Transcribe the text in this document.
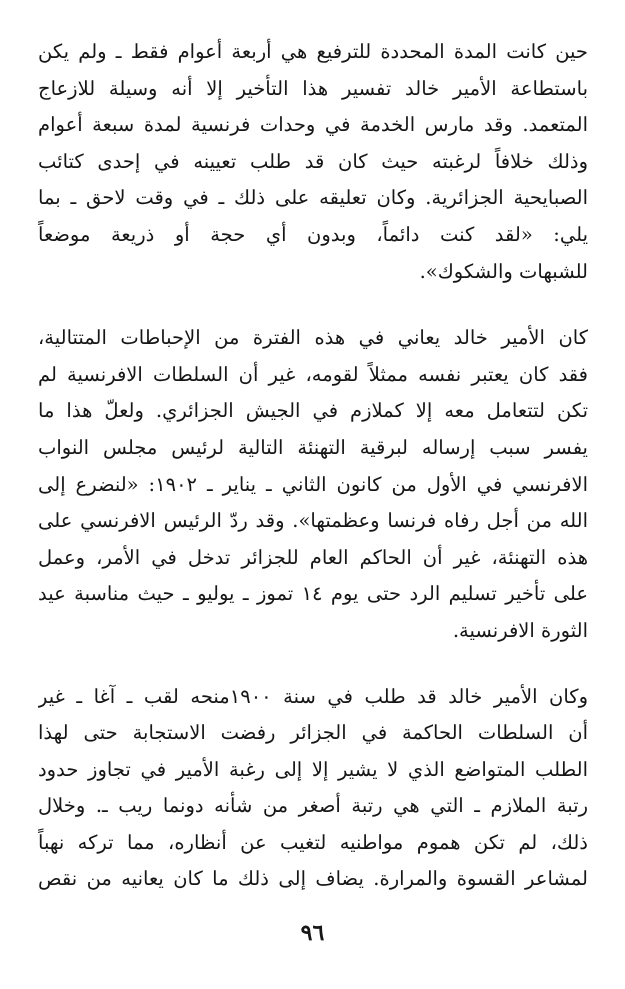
حين كانت المدة المحددة للترفيع هي أربعة أعوام فقط ـ ولم يكن
باستطاعة الأمير خالد تفسير هذا التأخير إلا أنه وسيلة للازعاج
المتعمد. وقد مارس الخدمة في وحدات فرنسية لمدة سبعة أعوام
وذلك خلافاً لرغبته حيث كان قد طلب تعيينه في إحدى كتائب
الصبايحية الجزائرية. وكان تعليقه على ذلك ـ في وقت لاحق ـ بما
يلي: «لقد كنت دائماً، وبدون أي حجة أو ذريعة موضعاً
للشبهات والشكوك».
كان الأمير خالد يعاني في هذه الفترة من الإحباطات المتتالية،
فقد كان يعتبر نفسه ممثلاً لقومه، غير أن السلطات الافرنسية لم
تكن لتتعامل معه إلا كملازم في الجيش الجزائري. ولعلّ هذا ما
يفسر سبب إرساله لبرقية التهنئة التالية لرئيس مجلس النواب
الافرنسي في الأول من كانون الثاني ـ يناير ـ ١٩٠٢: «لنضرع إلى
الله من أجل رفاه فرنسا وعظمتها». وقد ردّ الرئيس الافرنسي على
هذه التهنئة، غير أن الحاكم العام للجزائر تدخل في الأمر، وعمل
على تأخير تسليم الرد حتى يوم ١٤ تموز ـ يوليو ـ حيث مناسبة عيد
الثورة الافرنسية.
وكان الأمير خالد قد طلب في سنة ١٩٠٠منحه لقب ـ آغا ـ غير
أن السلطات الحاكمة في الجزائر رفضت الاستجابة حتى لهذا
الطلب المتواضع الذي لا يشير إلا إلى رغبة الأمير في تجاوز حدود
رتبة الملازم ـ التي هي رتبة أصغر من شأنه دونما ريب ـ. وخلال
ذلك، لم تكن هموم مواطنيه لتغيب عن أنظاره، مما تركه نهباً
لمشاعر القسوة والمرارة. يضاف إلى ذلك ما كان يعانيه من نقص
٩٦
